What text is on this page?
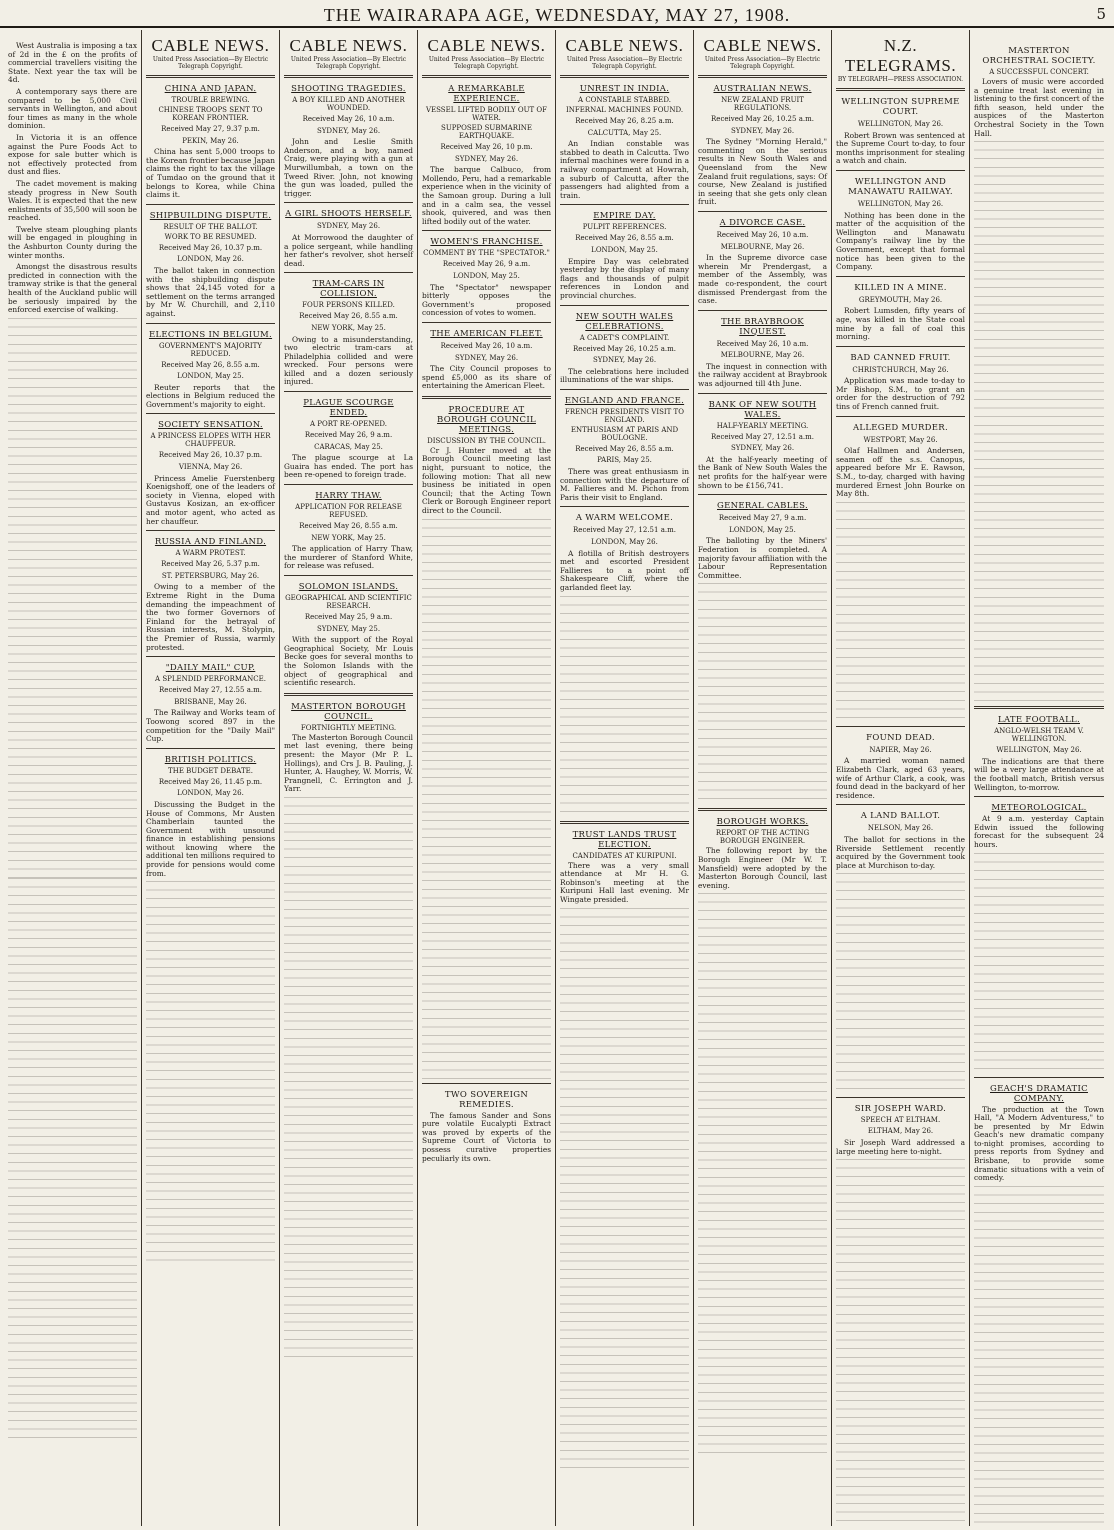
THE WAIRARAPA AGE, WEDNESDAY, MAY 27, 1908.	5

West Australia is imposing a tax of 2d in the £ on the profits of commercial travellers visiting the State. Next year the tax will be 4d.

A contemporary says there are compared to be 5,000 Civil servants in Wellington, and about four times as many in the whole dominion.

In Victoria it is an offence against the Pure Foods Act to expose for sale butter which is not effectively protected from dust and flies.

The cadet movement is making steady progress in New South Wales. It is expected that the new enlistments of 35,500 will soon be reached.

Twelve steam ploughing plants will be engaged in ploughing in the Ashburton County during the winter months.

Amongst the disastrous results predicted in connection with the tramway strike is that the general health of the Auckland public will be seriously impaired by the enforced exercise of walking.

CABLE NEWS.
United Press Association—By Electric Telegraph Copyright.
CHINA AND JAPAN.
TROUBLE BREWING.
CHINESE TROOPS SENT TO KOREAN FRONTIER.
Received May 27, 9.37 p.m.
PEKIN, May 26.

China has sent 5,000 troops to the Korean frontier because Japan claims the right to tax the village of Tumdao on the ground that it belongs to Korea, while China claims it.

SHIPBUILDING DISPUTE.
RESULT OF THE BALLOT.
WORK TO BE RESUMED.
Received May 26, 10.37 p.m.
LONDON, May 26.

The ballot taken in connection with the shipbuilding dispute shows that 24,145 voted for a settlement on the terms arranged by Mr W. Churchill, and 2,110 against.

ELECTIONS IN BELGIUM.
GOVERNMENT'S MAJORITY REDUCED.
Received May 26, 8.55 a.m.
LONDON, May 25.

Reuter reports that the elections in Belgium reduced the Government's majority to eight.

SOCIETY SENSATION.
A PRINCESS ELOPES WITH HER CHAUFFEUR.
Received May 26, 10.37 p.m.
VIENNA, May 26.

Princess Amelie Fuerstenberg Koenigshoff, one of the leaders of society in Vienna, eloped with Gustavus Kosizan, an ex-officer and motor agent, who acted as her chauffeur.

RUSSIA AND FINLAND.
A WARM PROTEST.
Received May 26, 5.37 p.m.
ST. PETERSBURG, May 26.

Owing to a member of the Extreme Right in the Duma demanding the impeachment of the two former Governors of Finland for the betrayal of Russian interests, M. Stolypin, the Premier of Russia, warmly protested.

"DAILY MAIL" CUP.
A SPLENDID PERFORMANCE.
Received May 27, 12.55 a.m.
BRISBANE, May 26.

The Railway and Works team of Toowong scored 897 in the competition for the "Daily Mail" Cup.

BRITISH POLITICS.
THE BUDGET DEBATE.
Received May 26, 11.45 p.m.
LONDON, May 26.

Discussing the Budget in the House of Commons, Mr Austen Chamberlain taunted the Government with unsound finance in establishing pensions without knowing where the additional ten millions required to provide for pensions would come from.

CABLE NEWS.
United Press Association—By Electric Telegraph Copyright.
SHOOTING TRAGEDIES.
A BOY KILLED AND ANOTHER WOUNDED.
Received May 26, 10 a.m.
SYDNEY, May 26.

John and Leslie Smith Anderson, and a boy, named Craig, were playing with a gun at Murwillumbah, a town on the Tweed River. John, not knowing the gun was loaded, pulled the trigger.

A GIRL SHOOTS HERSELF.
SYDNEY, May 26.

At Morrowood the daughter of a police sergeant, while handling her father's revolver, shot herself dead.

TRAM-CARS IN COLLISION.
FOUR PERSONS KILLED.
Received May 26, 8.55 a.m.
NEW YORK, May 25.

Owing to a misunderstanding, two electric tram-cars at Philadelphia collided and were wrecked. Four persons were killed and a dozen seriously injured.

PLAGUE SCOURGE ENDED.
A PORT RE-OPENED.
Received May 26, 9 a.m.
CARACAS, May 25.

The plague scourge at La Guaira has ended. The port has been re-opened to foreign trade.

HARRY THAW.
APPLICATION FOR RELEASE REFUSED.
Received May 26, 8.55 a.m.
NEW YORK, May 25.

The application of Harry Thaw, the murderer of Stanford White, for release was refused.

SOLOMON ISLANDS.
GEOGRAPHICAL AND SCIENTIFIC RESEARCH.
Received May 25, 9 a.m.
SYDNEY, May 25.

With the support of the Royal Geographical Society, Mr Louis Becke goes for several months to the Solomon Islands with the object of geographical and scientific research.

MASTERTON BOROUGH COUNCIL.
FORTNIGHTLY MEETING.

The Masterton Borough Council met last evening, there being present: the Mayor (Mr P. L. Hollings), and Crs J. B. Pauling, J. Hunter, A. Haughey, W. Morris, W. Prangnell, C. Errington and J. Yarr.

CABLE NEWS.
United Press Association—By Electric Telegraph Copyright.
A REMARKABLE EXPERIENCE.
VESSEL LIFTED BODILY OUT OF WATER.
SUPPOSED SUBMARINE EARTHQUAKE.
Received May 26, 10 p.m.
SYDNEY, May 26.

The barque Calbuco, from Mollendo, Peru, had a remarkable experience when in the vicinity of the Samoan group. During a lull and in a calm sea, the vessel shook, quivered, and was then lifted bodily out of the water.

WOMEN'S FRANCHISE.
COMMENT BY THE "SPECTATOR."
Received May 26, 9 a.m.
LONDON, May 25.

The "Spectator" newspaper bitterly opposes the Government's proposed concession of votes to women.

THE AMERICAN FLEET.
Received May 26, 10 a.m.
SYDNEY, May 26.

The City Council proposes to spend £5,000 as its share of entertaining the American Fleet.

PROCEDURE AT BOROUGH COUNCIL MEETINGS.
DISCUSSION BY THE COUNCIL.

Cr J. Hunter moved at the Borough Council meeting last night, pursuant to notice, the following motion: That all new business be initiated in open Council; that the Acting Town Clerk or Borough Engineer report direct to the Council.

TWO SOVEREIGN REMEDIES.

The famous Sander and Sons pure volatile Eucalypti Extract was proved by experts of the Supreme Court of Victoria to possess curative properties peculiarly its own.

CABLE NEWS.
United Press Association—By Electric Telegraph Copyright.
UNREST IN INDIA.
A CONSTABLE STABBED.
INFERNAL MACHINES FOUND.
Received May 26, 8.25 a.m.
CALCUTTA, May 25.

An Indian constable was stabbed to death in Calcutta. Two infernal machines were found in a railway compartment at Howrah, a suburb of Calcutta, after the passengers had alighted from a train.

EMPIRE DAY.
PULPIT REFERENCES.
Received May 26, 8.55 a.m.
LONDON, May 25.

Empire Day was celebrated yesterday by the display of many flags and thousands of pulpit references in London and provincial churches.

NEW SOUTH WALES CELEBRATIONS.
A CADET'S COMPLAINT.
Received May 26, 10.25 a.m.
SYDNEY, May 26.

The celebrations here included illuminations of the war ships.

ENGLAND AND FRANCE.
FRENCH PRESIDENTS VISIT TO ENGLAND.
ENTHUSIASM AT PARIS AND BOULOGNE.
Received May 26, 8.55 a.m.
PARIS, May 25.

There was great enthusiasm in connection with the departure of M. Fallieres and M. Pichon from Paris their visit to England.

A WARM WELCOME.
Received May 27, 12.51 a.m.
LONDON, May 26.

A flotilla of British destroyers met and escorted President Fallieres to a point off Shakespeare Cliff, where the garlanded fleet lay.

TRUST LANDS TRUST ELECTION.
CANDIDATES AT KURIPUNI.

There was a very small attendance at Mr H. G. Robinson's meeting at the Kuripuni Hall last evening. Mr Wingate presided.

CABLE NEWS.
United Press Association—By Electric Telegraph Copyright.
AUSTRALIAN NEWS.
NEW ZEALAND FRUIT REGULATIONS.
Received May 26, 10.25 a.m.
SYDNEY, May 26.

The Sydney "Morning Herald," commenting on the serious results in New South Wales and Queensland from the New Zealand fruit regulations, says: Of course, New Zealand is justified in seeing that she gets only clean fruit.

A DIVORCE CASE.
Received May 26, 10 a.m.
MELBOURNE, May 26.

In the Supreme divorce case wherein Mr Prendergast, a member of the Assembly, was made co-respondent, the court dismissed Prendergast from the case.

THE BRAYBROOK INQUEST.
Received May 26, 10 a.m.
MELBOURNE, May 26.

The inquest in connection with the railway accident at Braybrook was adjourned till 4th June.

BANK OF NEW SOUTH WALES.
HALF-YEARLY MEETING.
Received May 27, 12.51 a.m.
SYDNEY, May 26.

At the half-yearly meeting of the Bank of New South Wales the net profits for the half-year were shown to be £156,741.

GENERAL CABLES.
Received May 27, 9 a.m.
LONDON, May 25.

The balloting by the Miners' Federation is completed. A majority favour affiliation with the Labour Representation Committee.

BOROUGH WORKS.
REPORT OF THE ACTING BOROUGH ENGINEER.

The following report by the Borough Engineer (Mr W. T. Mansfield) were adopted by the Masterton Borough Council, last evening.

N.Z. TELEGRAMS.
BY TELEGRAPH—PRESS ASSOCIATION.
WELLINGTON SUPREME COURT.
WELLINGTON, May 26.

Robert Brown was sentenced at the Supreme Court to-day, to four months imprisonment for stealing a watch and chain.

WELLINGTON AND MANAWATU RAILWAY.
WELLINGTON, May 26.

Nothing has been done in the matter of the acquisition of the Wellington and Manawatu Company's railway line by the Government, except that formal notice has been given to the Company.

KILLED IN A MINE.
GREYMOUTH, May 26.

Robert Lumsden, fifty years of age, was killed in the State coal mine by a fall of coal this morning.

BAD CANNED FRUIT.
CHRISTCHURCH, May 26.

Application was made to-day to Mr Bishop, S.M., to grant an order for the destruction of 792 tins of French canned fruit.

ALLEGED MURDER.
WESTPORT, May 26.

Olaf Hallmen and Andersen, seamen off the s.s. Canopus, appeared before Mr E. Rawson, S.M., to-day, charged with having murdered Ernest John Bourke on May 8th.

FOUND DEAD.
NAPIER, May 26.

A married woman named Elizabeth Clark, aged 63 years, wife of Arthur Clark, a cook, was found dead in the backyard of her residence.

A LAND BALLOT.
NELSON, May 26.

The ballot for sections in the Riverside Settlement recently acquired by the Government took place at Murchison to-day.

SIR JOSEPH WARD.
SPEECH AT ELTHAM.
ELTHAM, May 26.

Sir Joseph Ward addressed a large meeting here to-night.

MASTERTON ORCHESTRAL SOCIETY.
A SUCCESSFUL CONCERT.

Lovers of music were accorded a genuine treat last evening in listening to the first concert of the fifth season, held under the auspices of the Masterton Orchestral Society in the Town Hall.

LATE FOOTBALL.
ANGLO-WELSH TEAM V. WELLINGTON.
WELLINGTON, May 26.

The indications are that there will be a very large attendance at the football match, British versus Wellington, to-morrow.

METEOROLOGICAL.

At 9 a.m. yesterday Captain Edwin issued the following forecast for the subsequent 24 hours.

GEACH'S DRAMATIC COMPANY.

The production at the Town Hall, "A Modern Adventuress," to be presented by Mr Edwin Geach's new dramatic company to-night promises, according to press reports from Sydney and Brisbane, to provide some dramatic situations with a vein of comedy.
